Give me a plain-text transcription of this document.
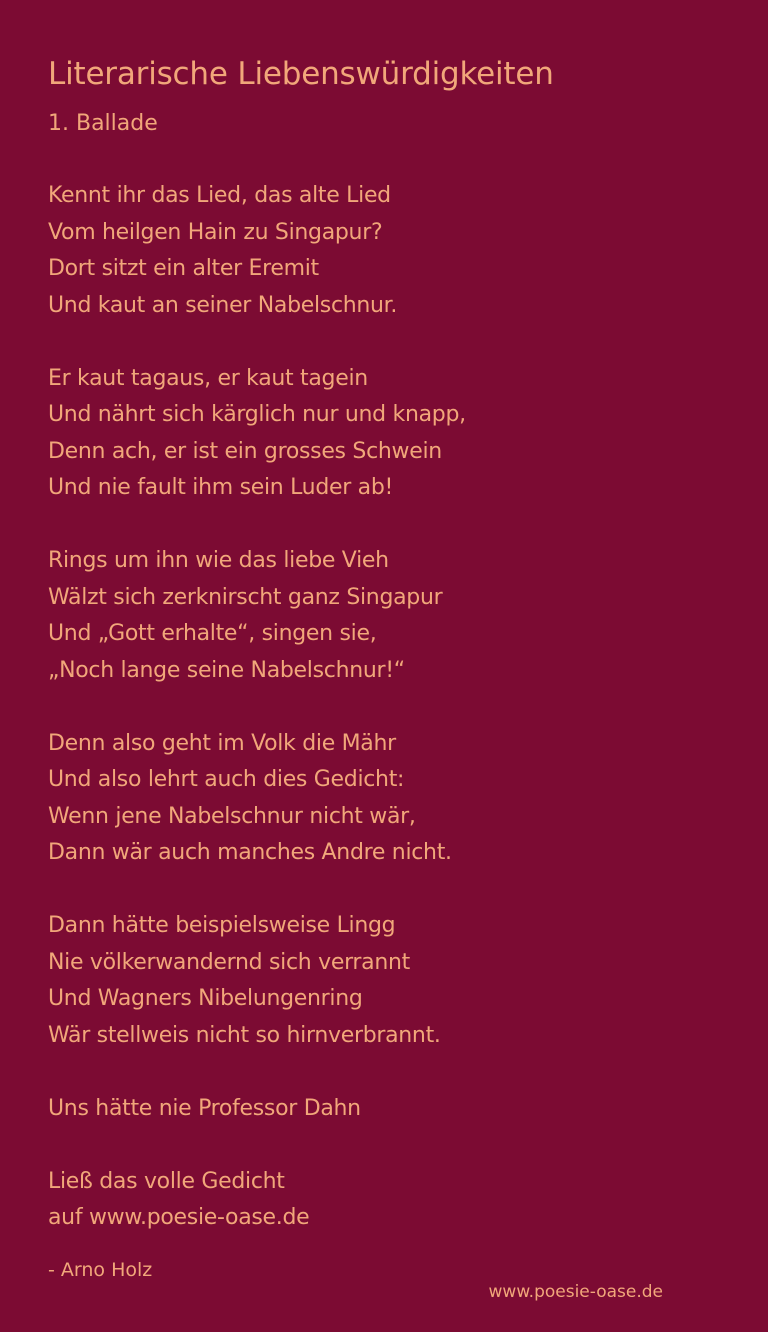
Literarische Liebenswürdigkeiten
1. Ballade
Kennt ihr das Lied, das alte Lied
Vom heilgen Hain zu Singapur?
Dort sitzt ein alter Eremit
Und kaut an seiner Nabelschnur.
Er kaut tagaus, er kaut tagein
Und nährt sich kärglich nur und knapp,
Denn ach, er ist ein grosses Schwein
Und nie fault ihm sein Luder ab!
Rings um ihn wie das liebe Vieh
Wälzt sich zerknirscht ganz Singapur
Und „Gott erhalte“, singen sie,
„Noch lange seine Nabelschnur!“
Denn also geht im Volk die Mähr
Und also lehrt auch dies Gedicht:
Wenn jene Nabelschnur nicht wär,
Dann wär auch manches Andre nicht.
Dann hätte beispielsweise Lingg
Nie völkerwandernd sich verrannt
Und Wagners Nibelungenring
Wär stellweis nicht so hirnverbrannt.
Uns hätte nie Professor Dahn
Ließ das volle Gedicht
auf www.poesie-oase.de
- Arno Holz
www.poesie-oase.de
